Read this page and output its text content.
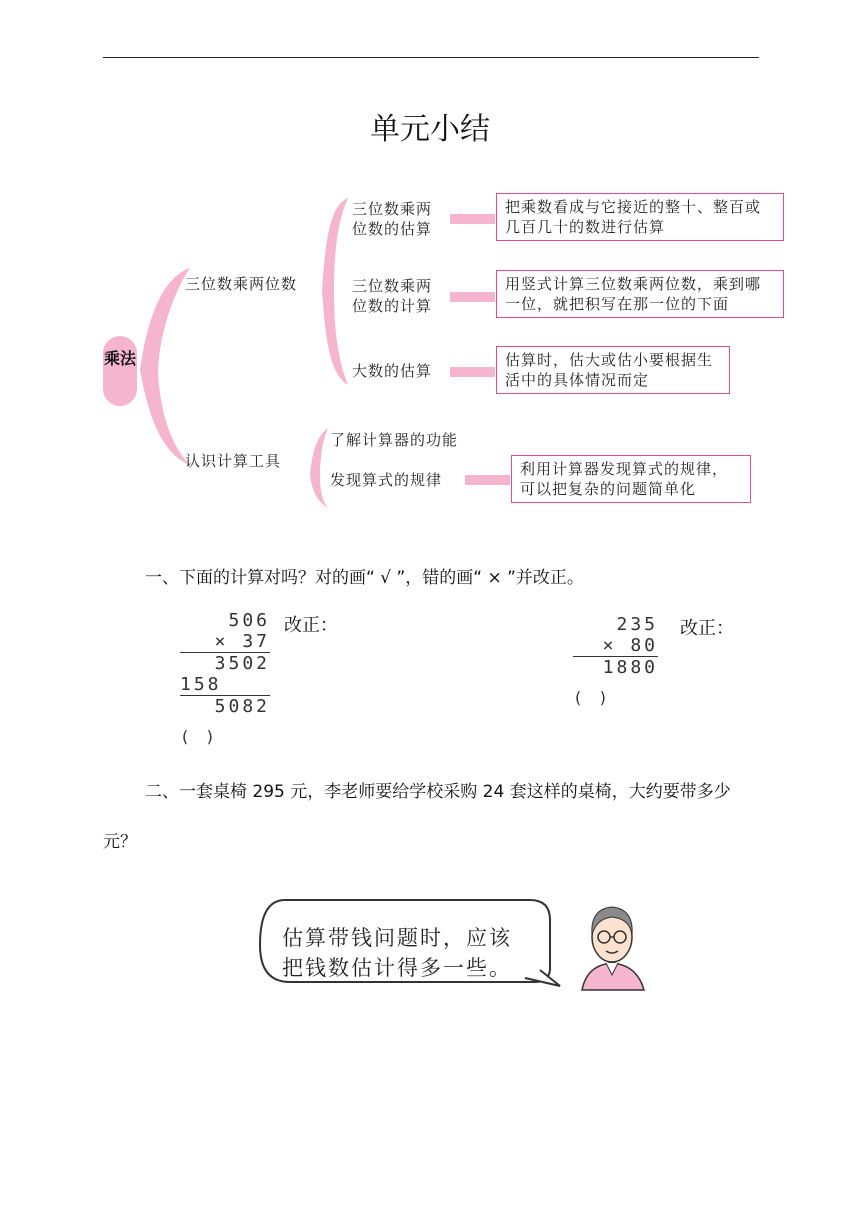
单元小结
乘法
三位数乘两位数
认识计算工具
三位数乘两位数的估算
三位数乘两位数的计算
大数的估算
了解计算器的功能
发现算式的规律
把乘数看成与它接近的整十、整百或几百几十的数进行估算
用竖式计算三位数乘两位数，乘到哪一位，就把积写在那一位的下面
估算时，估大或估小要根据生活中的具体情况而定
利用计算器发现算式的规律，可以把复杂的问题简单化
一、下面的计算对吗？对的画“ √ ”，错的画“ × ”并改正。
506
× 37
3502
158
5082
( )
改正：	235
× 80
1880
( )
改正：
二、一套桌椅 295 元，李老师要给学校采购 24 套这样的桌椅，大约要带多少元？
估算带钱问题时，应该
把钱数估计得多一些。
